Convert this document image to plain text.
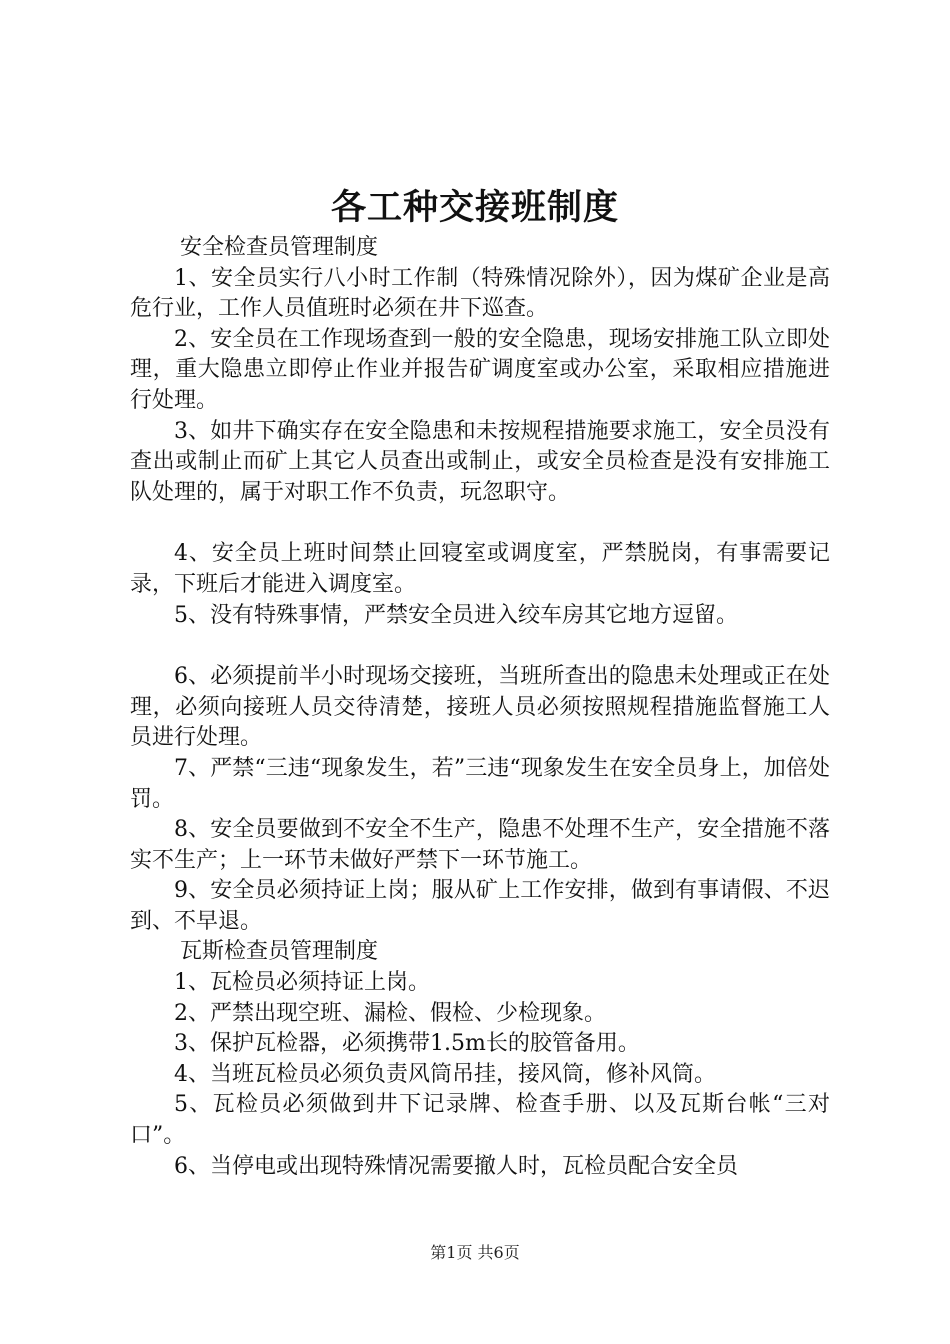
各工种交接班制度

安全检查员管理制度

1、安全员实行八小时工作制（特殊情况除外），因为煤矿企业是高危行业，工作人员值班时必须在井下巡查。

2、安全员在工作现场查到一般的安全隐患，现场安排施工队立即处理，重大隐患立即停止作业并报告矿调度室或办公室，采取相应措施进行处理。

3、如井下确实存在安全隐患和未按规程措施要求施工，安全员没有查出或制止而矿上其它人员查出或制止，或安全员检查是没有安排施工队处理的，属于对职工作不负责，玩忽职守。

4、安全员上班时间禁止回寝室或调度室，严禁脱岗，有事需要记录，下班后才能进入调度室。

5、没有特殊事情，严禁安全员进入绞车房其它地方逗留。

6、必须提前半小时现场交接班，当班所查出的隐患未处理或正在处理，必须向接班人员交待清楚，接班人员必须按照规程措施监督施工人员进行处理。

7、严禁“三违“现象发生，若”三违“现象发生在安全员身上，加倍处罚。

8、安全员要做到不安全不生产，隐患不处理不生产，安全措施不落实不生产；上一环节未做好严禁下一环节施工。

9、安全员必须持证上岗；服从矿上工作安排，做到有事请假、不迟到、不早退。

瓦斯检查员管理制度

1、瓦检员必须持证上岗。

2、严禁出现空班、漏检、假检、少检现象。

3、保护瓦检器，必须携带1.5m长的胶管备用。

4、当班瓦检员必须负责风筒吊挂，接风筒，修补风筒。

5、瓦检员必须做到井下记录牌、检查手册、以及瓦斯台帐“三对口”。

6、当停电或出现特殊情况需要撤人时，瓦检员配合安全员

第1页 共6页
